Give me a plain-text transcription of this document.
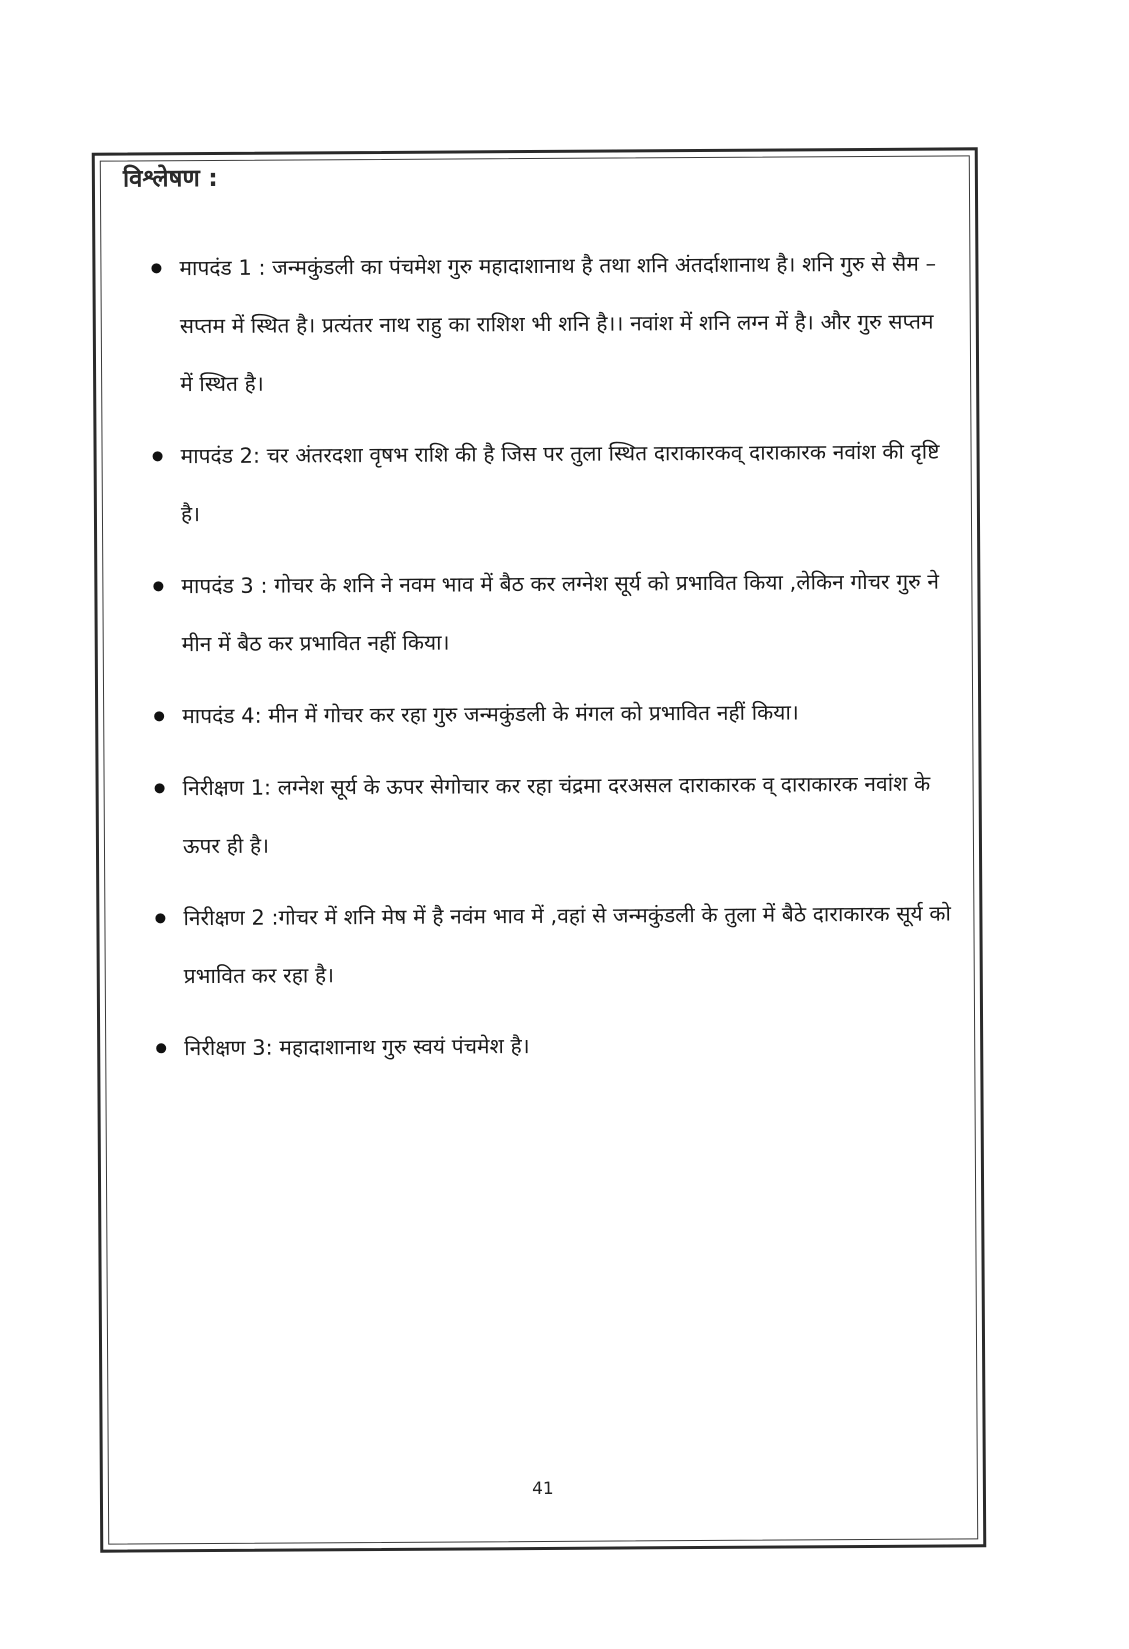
विश्लेषण :
मापदंड 1 : जन्मकुंडली का पंचमेश गुरु महादाशानाथ है तथा शनि अंतर्दाशानाथ है। शनि गुरु से सैम –सप्तम में स्थित है। प्रत्यंतर नाथ राहु का राशिश भी शनि है।। नवांश में शनि लग्न में है। और गुरु सप्तम में स्थित है।
मापदंड 2: चर अंतरदशा वृषभ राशि की है जिस पर तुला स्थित दाराकारकव् दाराकारक नवांश की दृष्टि है।
मापदंड 3 : गोचर के शनि ने नवम भाव में बैठ कर लग्नेश सूर्य को प्रभावित किया ,लेकिन गोचर गुरु ने मीन में बैठ कर प्रभावित नहीं किया।
मापदंड 4: मीन में गोचर कर रहा गुरु जन्मकुंडली के मंगल को प्रभावित नहीं किया।
निरीक्षण 1: लग्नेश सूर्य के ऊपर सेगोचार कर रहा चंद्रमा दरअसल दाराकारक व् दाराकारक नवांश के ऊपर ही है।
निरीक्षण 2 :गोचर में शनि मेष में है नवंम भाव में ,वहां से जन्मकुंडली के तुला में बैठे दाराकारक सूर्य को प्रभावित कर रहा है।
निरीक्षण 3: महादाशानाथ गुरु स्वयं पंचमेश है।
41
